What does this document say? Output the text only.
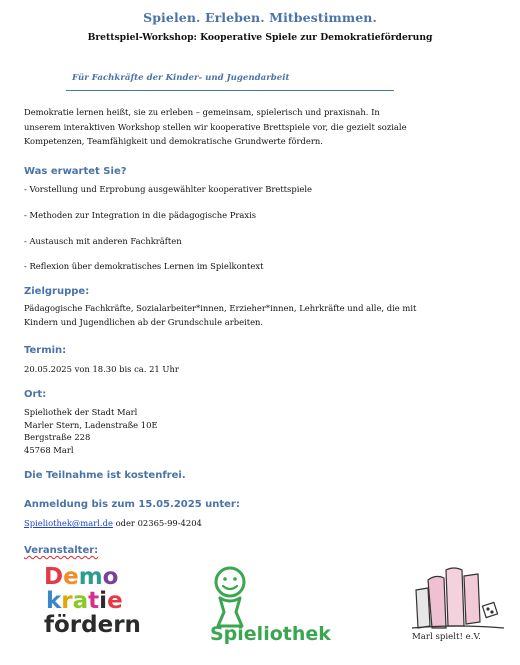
Spielen. Erleben. Mitbestimmen.
Brettspiel-Workshop: Kooperative Spiele zur Demokratieförderung
Für Fachkräfte der Kinder- und Jugendarbeit
Demokratie lernen heißt, sie zu erleben – gemeinsam, spielerisch und praxisnah. In
unserem interaktiven Workshop stellen wir kooperative Brettspiele vor, die gezielt soziale
Kompetenzen, Teamfähigkeit und demokratische Grundwerte fördern.
Was erwartet Sie?
- Vorstellung und Erprobung ausgewählter kooperativer Brettspiele
- Methoden zur Integration in die pädagogische Praxis
- Austausch mit anderen Fachkräften
- Reflexion über demokratisches Lernen im Spielkontext
Zielgruppe:
Pädagogische Fachkräfte, Sozialarbeiter*innen, Erzieher*innen, Lehrkräfte und alle, die mit
Kindern und Jugendlichen ab der Grundschule arbeiten.
Termin:
20.05.2025 von 18.30 bis ca. 21 Uhr
Ort:
Spieliothek der Stadt Marl
Marler Stern, Ladenstraße 10E
Bergstraße 228
45768 Marl
Die Teilnahme ist kostenfrei.
Anmeldung bis zum 15.05.2025 unter:
Spieliothek@marl.de oder 02365-99-4204
Veranstalter:
Demo
kratie
fördern	Spieliothek	Marl spielt! e.V.
